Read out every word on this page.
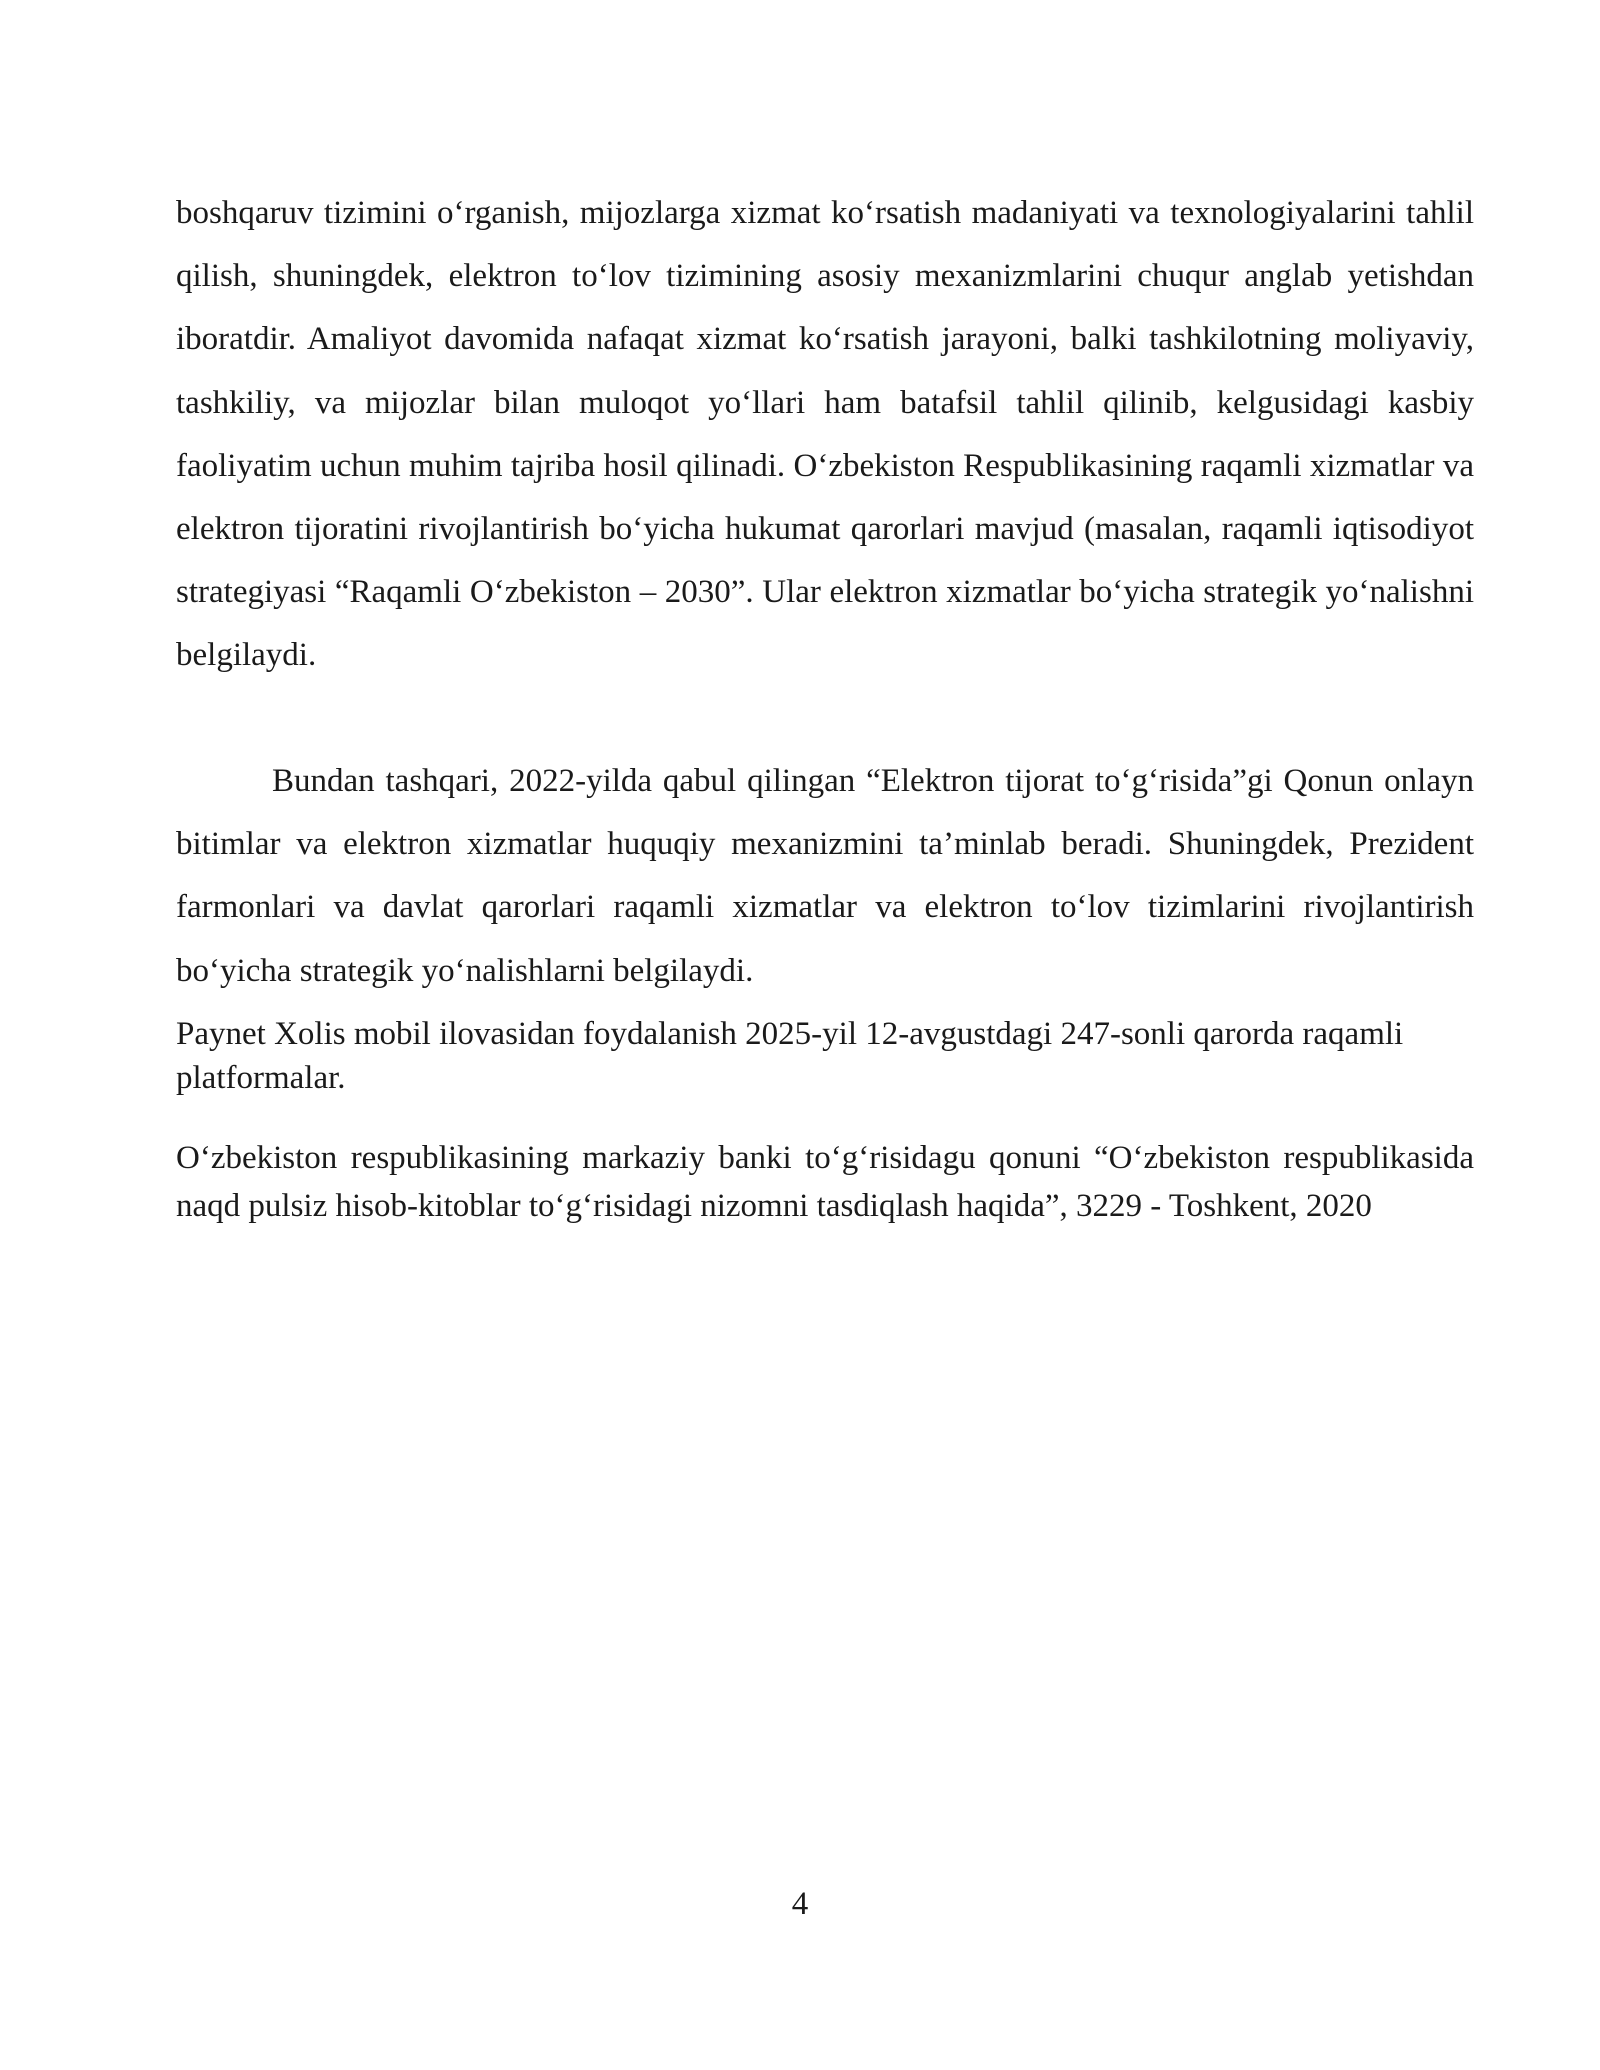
boshqaruv tizimini o‘rganish, mijozlarga xizmat ko‘rsatish madaniyati va texnologiyalarini tahlil qilish, shuningdek, elektron to‘lov tizimining asosiy mexanizmlarini chuqur anglab yetishdan iboratdir. Amaliyot davomida nafaqat xizmat ko‘rsatish jarayoni, balki tashkilotning moliyaviy, tashkiliy, va mijozlar bilan muloqot yo‘llari ham batafsil tahlil qilinib, kelgusidagi kasbiy faoliyatim uchun muhim tajriba hosil qilinadi. O‘zbekiston Respublikasining raqamli xizmatlar va elektron tijoratini rivojlantirish bo‘yicha hukumat qarorlari mavjud (masalan, raqamli iqtisodiyot strategiyasi “Raqamli O‘zbekiston – 2030”. Ular elektron xizmatlar bo‘yicha strategik yo‘nalishni belgilaydi.

Bundan tashqari, 2022-yilda qabul qilingan “Elektron tijorat to‘g‘risida”gi Qonun onlayn bitimlar va elektron xizmatlar huquqiy mexanizmini ta’minlab beradi. Shuningdek, Prezident farmonlari va davlat qarorlari raqamli xizmatlar va elektron to‘lov tizimlarini rivojlantirish bo‘yicha strategik yo‘nalishlarni belgilaydi.

Paynet Xolis mobil ilovasidan foydalanish 2025-yil 12-avgustdagi 247-sonli qarorda raqamli platformalar.

O‘zbekiston respublikasining markaziy banki to‘g‘risidagu qonuni “O‘zbekiston respublikasida naqd pulsiz hisob-kitoblar to‘g‘risidagi nizomni tasdiqlash haqida”, 3229 - Toshkent, 2020

4
